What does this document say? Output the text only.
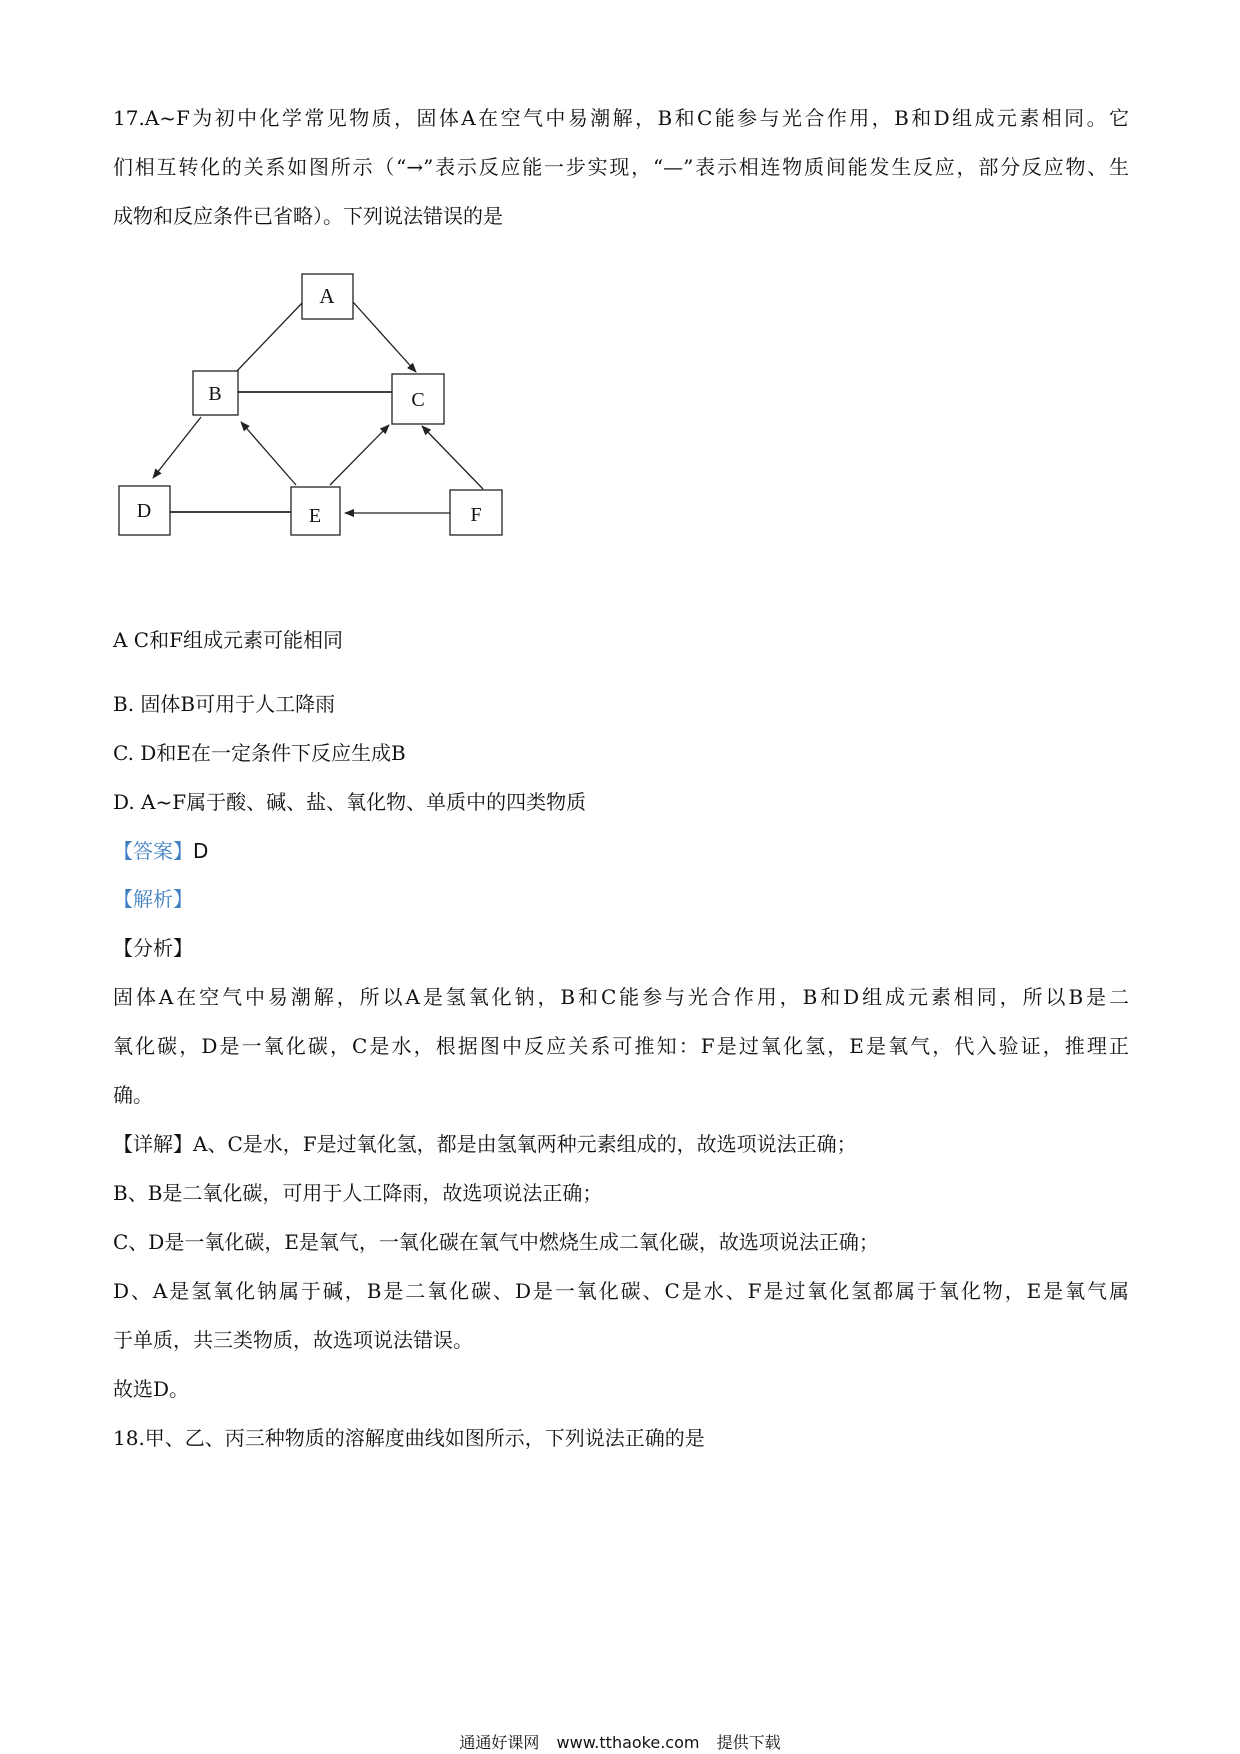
17.A~F为初中化学常见物质，固体A在空气中易潮解，B和C能参与光合作用，B和D组成元素相同。它

们相互转化的关系如图所示（“→”表示反应能一步实现，“—”表示相连物质间能发生反应，部分反应物、生

成物和反应条件已省略）。下列说法错误的是

A
B	C
D	E	F

A C和F组成元素可能相同

B. 固体B可用于人工降雨

C. D和E在一定条件下反应生成B

D. A~F属于酸、碱、盐、氧化物、单质中的四类物质

【答案】D

【解析】

【分析】

固体A在空气中易潮解，所以A是氢氧化钠，B和C能参与光合作用，B和D组成元素相同，所以B是二

氧化碳，D是一氧化碳，C是水，根据图中反应关系可推知：F是过氧化氢，E是氧气，代入验证，推理正

确。

【详解】A、C是水，F是过氧化氢，都是由氢氧两种元素组成的，故选项说法正确；

B、B是二氧化碳，可用于人工降雨，故选项说法正确；

C、D是一氧化碳，E是氧气，一氧化碳在氧气中燃烧生成二氧化碳，故选项说法正确；

D、A是氢氧化钠属于碱，B是二氧化碳、D是一氧化碳、C是水、F是过氧化氢都属于氧化物，E是氧气属

于单质，共三类物质，故选项说法错误。

故选D。

18.甲、乙、丙三种物质的溶解度曲线如图所示，下列说法正确的是

通通好课网 www.tthaoke.com 提供下载
